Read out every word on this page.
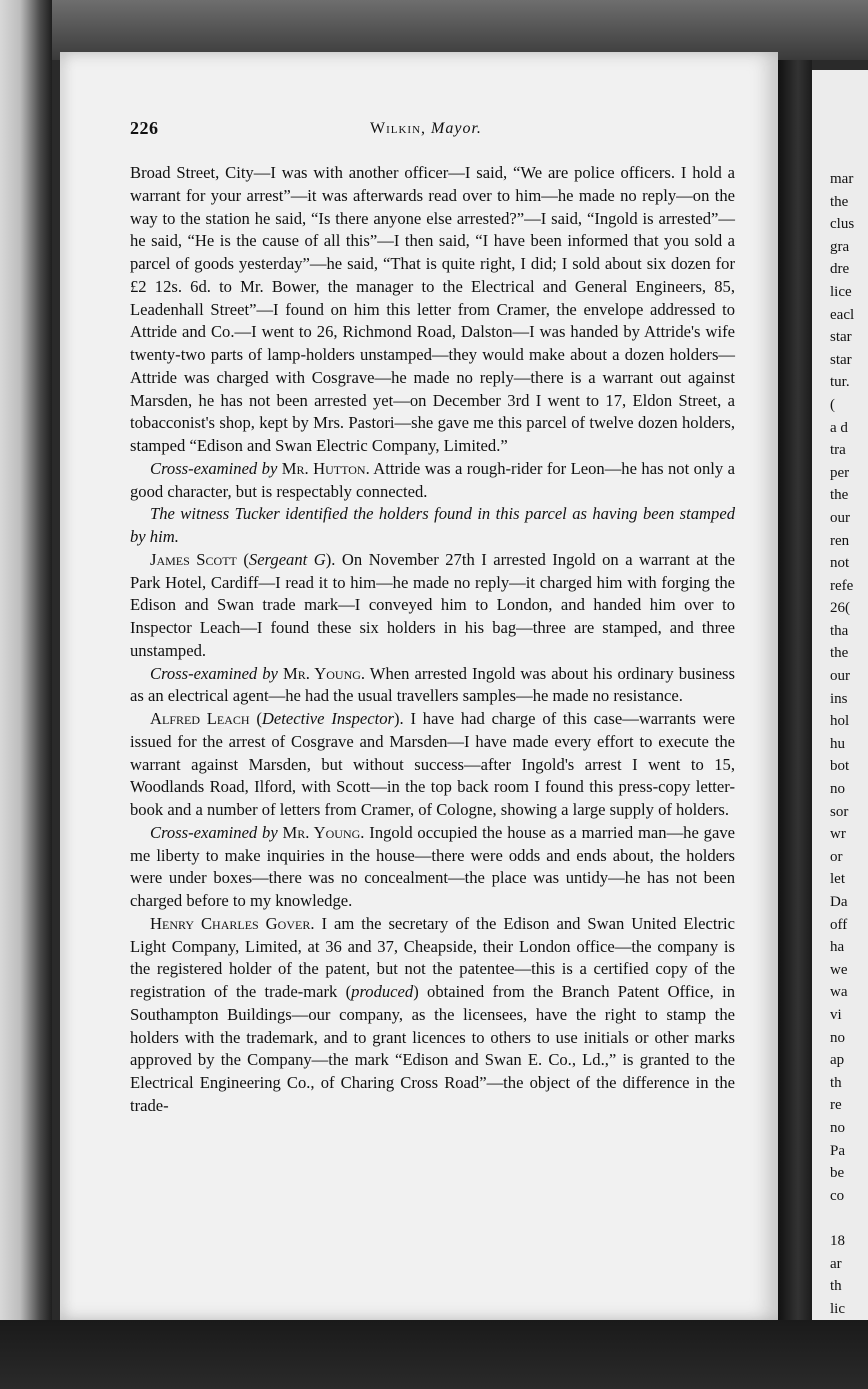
mar
the
clus
gra
dre
lice
eacl
star
star
tur.
(
a d
tra
per
the
our
ren
not
refe
26(
tha
the
our
ins
hol
hu
bot
no
sor
wr
or
let
Da
off
ha
we
wa
vi
no
ap
th
re
no
Pa
be
co
18
ar
th
lic
226	Wilkin, Mayor.

Broad Street, City—I was with another officer—I said, “We are police officers. I hold a warrant for your arrest”—it was afterwards read over to him—he made no reply—on the way to the station he said, “Is there anyone else arrested?”—I said, “Ingold is arrested”—he said, “He is the cause of all this”—I then said, “I have been informed that you sold a parcel of goods yesterday”—he said, “That is quite right, I did; I sold about six dozen for £2 12s. 6d. to Mr. Bower, the manager to the Electrical and General Engineers, 85, Leadenhall Street”—I found on him this letter from Cramer, the envelope addressed to Attride and Co.—I went to 26, Richmond Road, Dalston—I was handed by Attride's wife twenty-two parts of lamp-holders unstamped—they would make about a dozen holders—Attride was charged with Cosgrave—he made no reply—there is a warrant out against Marsden, he has not been arrested yet—on December 3rd I went to 17, Eldon Street, a tobacconist's shop, kept by Mrs. Pastori—she gave me this parcel of twelve dozen holders, stamped “Edison and Swan Electric Company, Limited.”

Cross-examined by Mr. Hutton. Attride was a rough-rider for Leon—he has not only a good character, but is respectably connected.

The witness Tucker identified the holders found in this parcel as having been stamped by him.

James Scott (Sergeant G). On November 27th I arrested Ingold on a warrant at the Park Hotel, Cardiff—I read it to him—he made no reply—it charged him with forging the Edison and Swan trade mark—I conveyed him to London, and handed him over to Inspector Leach—I found these six holders in his bag—three are stamped, and three unstamped.

Cross-examined by Mr. Young. When arrested Ingold was about his ordinary business as an electrical agent—he had the usual travellers samples—he made no resistance.

Alfred Leach (Detective Inspector). I have had charge of this case—warrants were issued for the arrest of Cosgrave and Marsden—I have made every effort to execute the warrant against Marsden, but without success—after Ingold's arrest I went to 15, Woodlands Road, Ilford, with Scott—in the top back room I found this press-copy letter-book and a number of letters from Cramer, of Cologne, showing a large supply of holders.

Cross-examined by Mr. Young. Ingold occupied the house as a married man—he gave me liberty to make inquiries in the house—there were odds and ends about, the holders were under boxes—there was no concealment—the place was untidy—he has not been charged before to my knowledge.

Henry Charles Gover. I am the secretary of the Edison and Swan United Electric Light Company, Limited, at 36 and 37, Cheapside, their London office—the company is the registered holder of the patent, but not the patentee—this is a certified copy of the registration of the trade-mark (produced) obtained from the Branch Patent Office, in Southampton Buildings—our company, as the licensees, have the right to stamp the holders with the trademark, and to grant licences to others to use initials or other marks approved by the Company—the mark “Edison and Swan E. Co., Ld.,” is granted to the Electrical Engineering Co., of Charing Cross Road”—the object of the difference in the trade-
